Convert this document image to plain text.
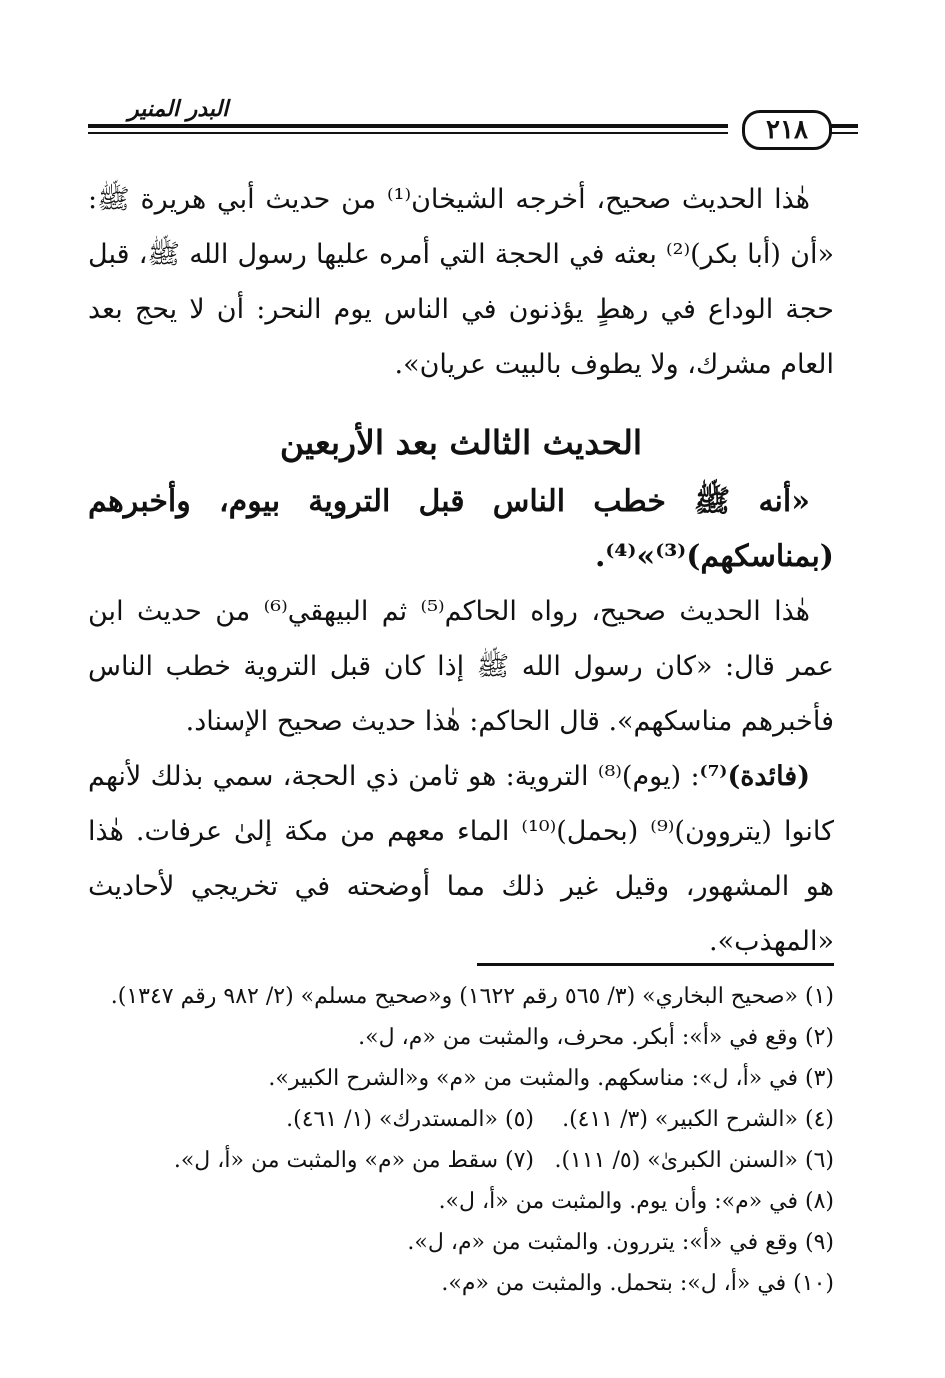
٢١٨
البدر المنير

هٰذا الحديث صحيح، أخرجه الشيخان⁽¹⁾ من حديث أبي هريرة ﷺ: «أن (أبا بكر)⁽²⁾ بعثه في الحجة التي أمره عليها رسول الله ﷺ، قبل حجة الوداع في رهطٍ يؤذنون في الناس يوم النحر: أن لا يحج بعد العام مشرك، ولا يطوف بالبيت عريان».

الحديث الثالث بعد الأربعين

«أنه ﷺ خطب الناس قبل التروية بيوم، وأخبرهم (بمناسكهم)⁽³⁾»⁽⁴⁾.

هٰذا الحديث صحيح، رواه الحاكم⁽⁵⁾ ثم البيهقي⁽⁶⁾ من حديث ابن عمر قال: «كان رسول الله ﷺ إذا كان قبل التروية خطب الناس فأخبرهم مناسكهم». قال الحاكم: هٰذا حديث صحيح الإسناد.

(فائدة)⁽⁷⁾: (يوم)⁽⁸⁾ التروية: هو ثامن ذي الحجة، سمي بذلك لأنهم كانوا (يتروون)⁽⁹⁾ (بحمل)⁽¹⁰⁾ الماء معهم من مكة إلىٰ عرفات. هٰذا هو المشهور، وقيل غير ذلك مما أوضحته في تخريجي لأحاديث «المهذب».

(١) «صحيح البخاري» (٣/ ٥٦٥ رقم ١٦٢٢) و«صحيح مسلم» (٢/ ٩٨٢ رقم ١٣٤٧).

(٢) وقع في «أ»: أبكر. محرف، والمثبت من «م، ل».

(٣) في «أ، ل»: مناسكهم. والمثبت من «م» و«الشرح الكبير».

(٤) «الشرح الكبير» (٣/ ٤١١).

(٥) «المستدرك» (١/ ٤٦١).

(٦) «السنن الكبرىٰ» (٥/ ١١١).

(٧) سقط من «م» والمثبت من «أ، ل».

(٨) في «م»: وأن يوم. والمثبت من «أ، ل».

(٩) وقع في «أ»: يتررون. والمثبت من «م، ل».

(١٠) في «أ، ل»: بتحمل. والمثبت من «م».
